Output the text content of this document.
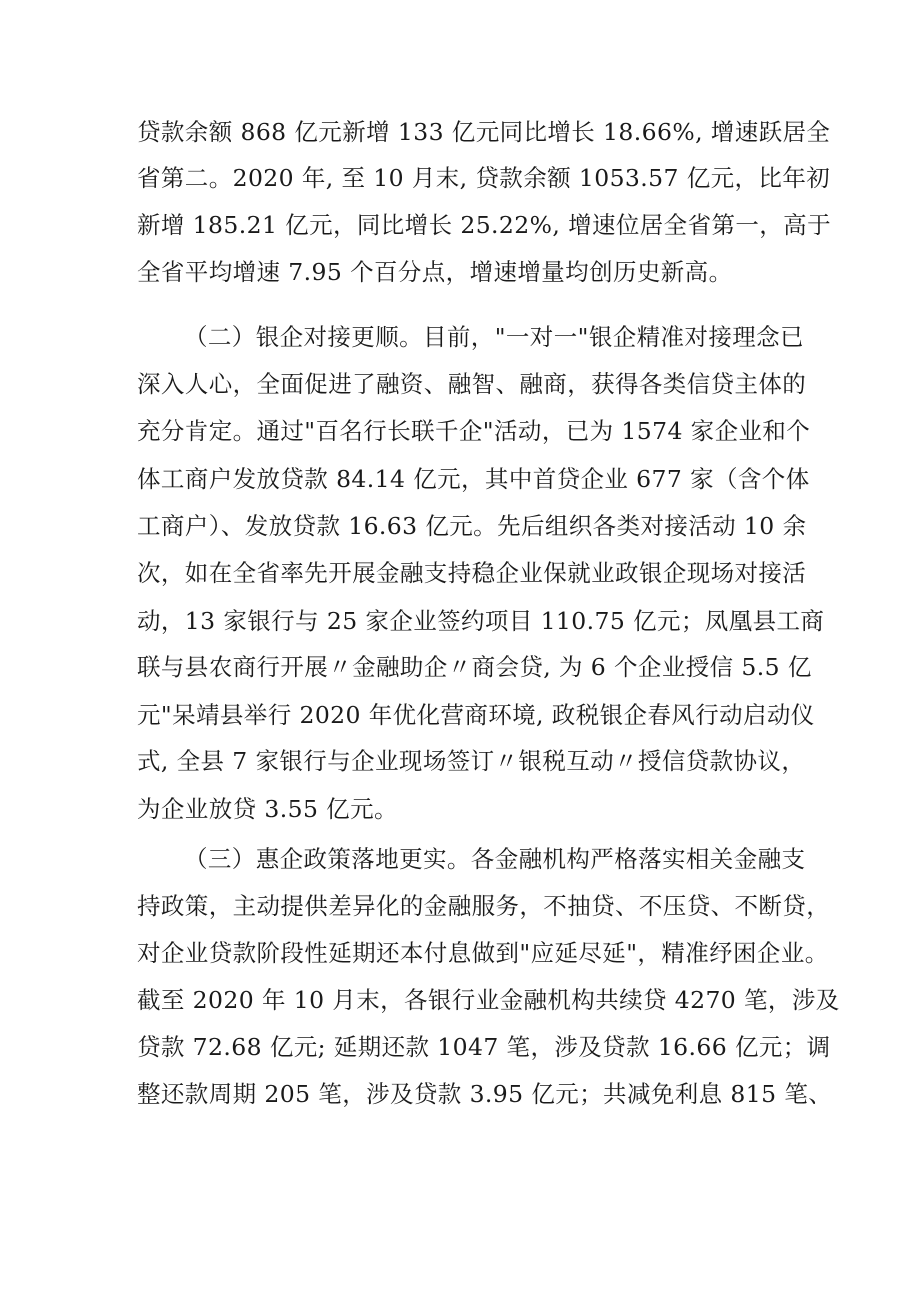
贷款余额 868 亿元新增 133 亿元同比增长 18.66%, 增速跃居全
省第二。2020 年, 至 10 月末, 贷款余额 1053.57 亿元，比年初
新增 185.21 亿元，同比增长 25.22%, 增速位居全省第一，高于
全省平均增速 7.95 个百分点，增速增量均创历史新高。
（二）银企对接更顺。目前，"一对一"银企精准对接理念已
深入人心，全面促进了融资、融智、融商，获得各类信贷主体的
充分肯定。通过"百名行长联千企"活动，已为 1574 家企业和个
体工商户发放贷款 84.14 亿元，其中首贷企业 677 家（含个体
工商户）、发放贷款 16.63 亿元。先后组织各类对接活动 10 余
次，如在全省率先开展金融支持稳企业保就业政银企现场对接活
动，13 家银行与 25 家企业签约项目 110.75 亿元；凤凰县工商
联与县农商行开展〃金融助企〃商会贷, 为 6 个企业授信 5.5 亿
元"呆靖县举行 2020 年优化营商环境, 政税银企春风行动启动仪
式, 全县 7 家银行与企业现场签订〃银税互动〃授信贷款协议，
为企业放贷 3.55 亿元。
（三）惠企政策落地更实。各金融机构严格落实相关金融支
持政策，主动提供差异化的金融服务，不抽贷、不压贷、不断贷，
对企业贷款阶段性延期还本付息做到"应延尽延"，精准纾困企业。
截至 2020 年 10 月末，各银行业金融机构共续贷 4270 笔，涉及
贷款 72.68 亿元; 延期还款 1047 笔，涉及贷款 16.66 亿元；调
整还款周期 205 笔，涉及贷款 3.95 亿元；共减免利息 815 笔、
